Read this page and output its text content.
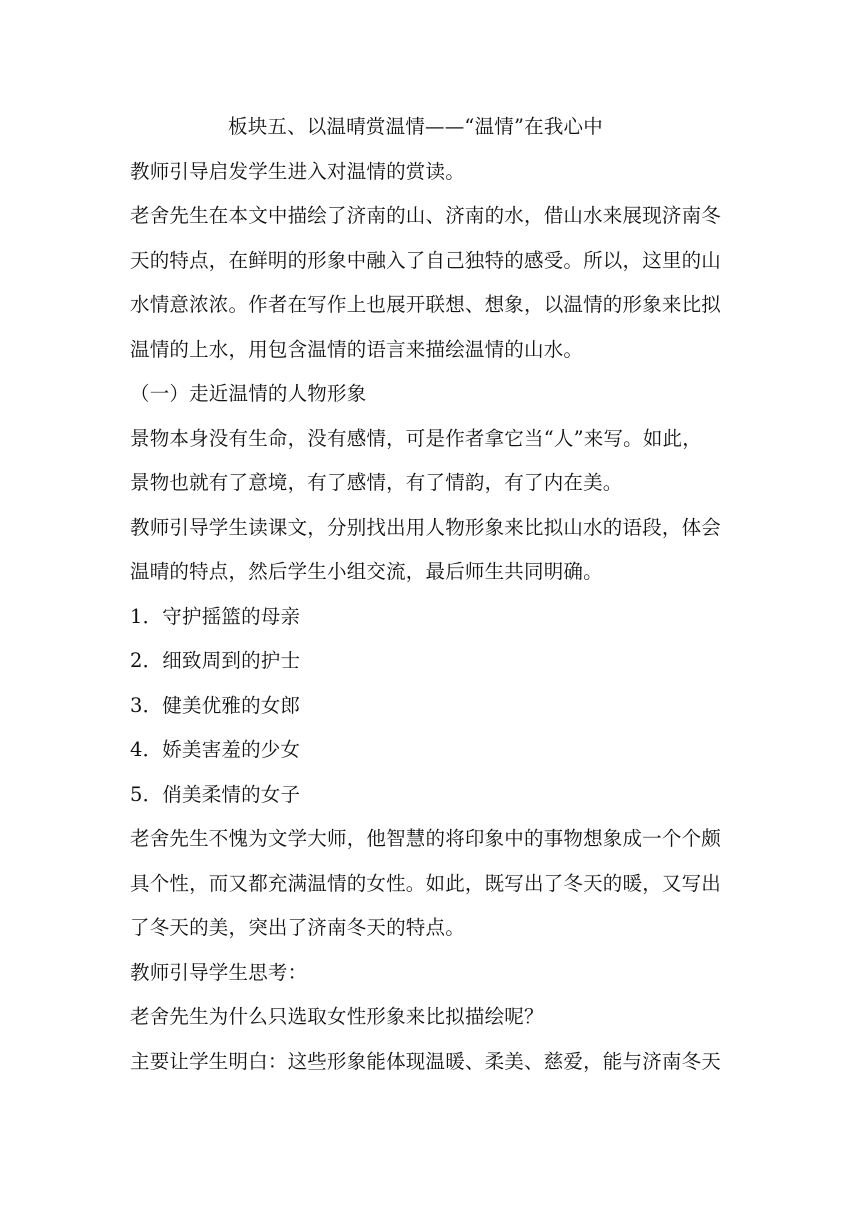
板块五、以温晴赏温情——“温情”在我心中
教师引导启发学生进入对温情的赏读。
老舍先生在本文中描绘了济南的山、济南的水，借山水来展现济南冬
天的特点，在鲜明的形象中融入了自己独特的感受。所以，这里的山
水情意浓浓。作者在写作上也展开联想、想象，以温情的形象来比拟
温情的上水，用包含温情的语言来描绘温情的山水。
（一）走近温情的人物形象
景物本身没有生命，没有感情，可是作者拿它当“人”来写。如此，
景物也就有了意境，有了感情，有了情韵，有了内在美。
教师引导学生读课文，分别找出用人物形象来比拟山水的语段，体会
温晴的特点，然后学生小组交流，最后师生共同明确。
1．守护摇篮的母亲
2．细致周到的护士
3．健美优雅的女郎
4．娇美害羞的少女
5．俏美柔情的女子
老舍先生不愧为文学大师，他智慧的将印象中的事物想象成一个个颇
具个性，而又都充满温情的女性。如此，既写出了冬天的暖，又写出
了冬天的美，突出了济南冬天的特点。
教师引导学生思考：
老舍先生为什么只选取女性形象来比拟描绘呢？
主要让学生明白：这些形象能体现温暖、柔美、慈爱，能与济南冬天
